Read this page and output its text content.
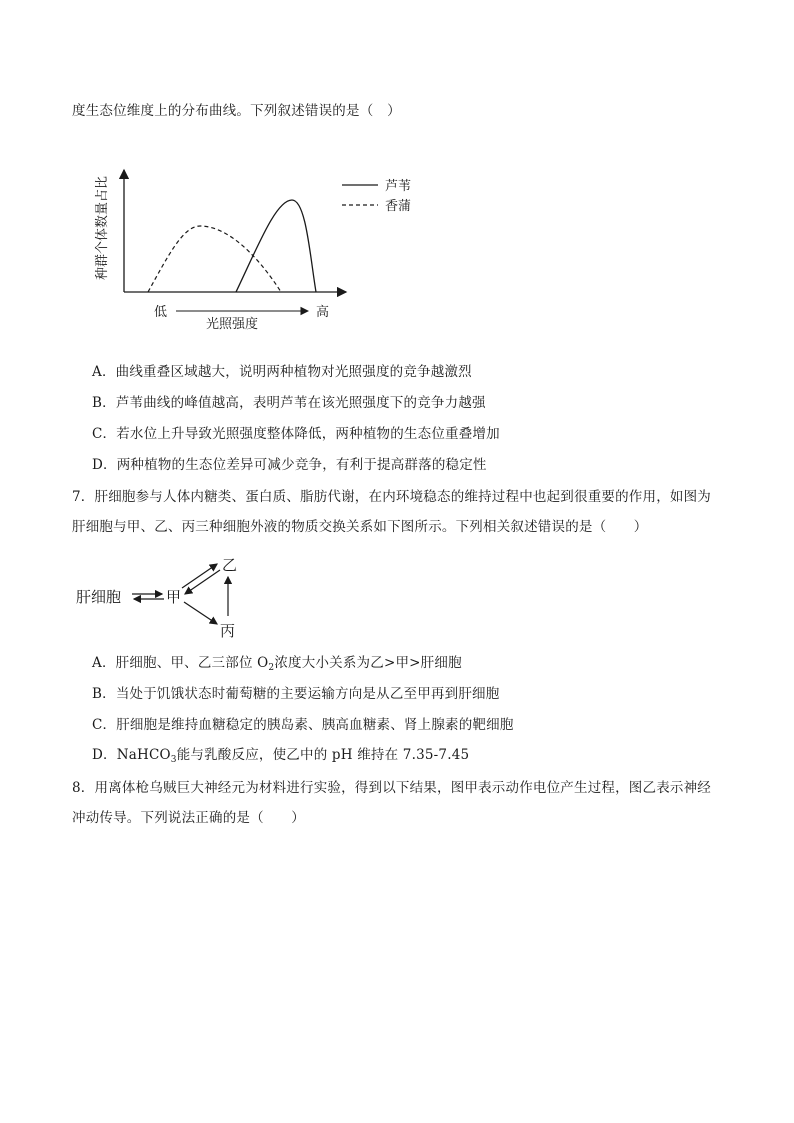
度生态位维度上的分布曲线。下列叙述错误的是（　）
种群个体数量占比	芦苇
香蒲
低	高
光照强度
A．曲线重叠区域越大，说明两种植物对光照强度的竞争越激烈
B．芦苇曲线的峰值越高，表明芦苇在该光照强度下的竞争力越强
C．若水位上升导致光照强度整体降低，两种植物的生态位重叠增加
D．两种植物的生态位差异可减少竞争，有利于提高群落的稳定性
7．肝细胞参与人体内糖类、蛋白质、脂肪代谢，在内环境稳态的维持过程中也起到很重要的作用，如图为
肝细胞与甲、乙、丙三种细胞外液的物质交换关系如下图所示。下列相关叙述错误的是（　　）
肝细胞	甲
乙
丙
A．肝细胞、甲、乙三部位 $O_2$浓度大小关系为乙>甲>肝细胞
B．当处于饥饿状态时葡萄糖的主要运输方向是从乙至甲再到肝细胞
C．肝细胞是维持血糖稳定的胰岛素、胰高血糖素、肾上腺素的靶细胞
D．NaHCO$_3$能与乳酸反应，使乙中的 pH 维持在 7.35-7.45
8．用离体枪乌贼巨大神经元为材料进行实验，得到以下结果，图甲表示动作电位产生过程，图乙表示神经
冲动传导。下列说法正确的是（　　）
